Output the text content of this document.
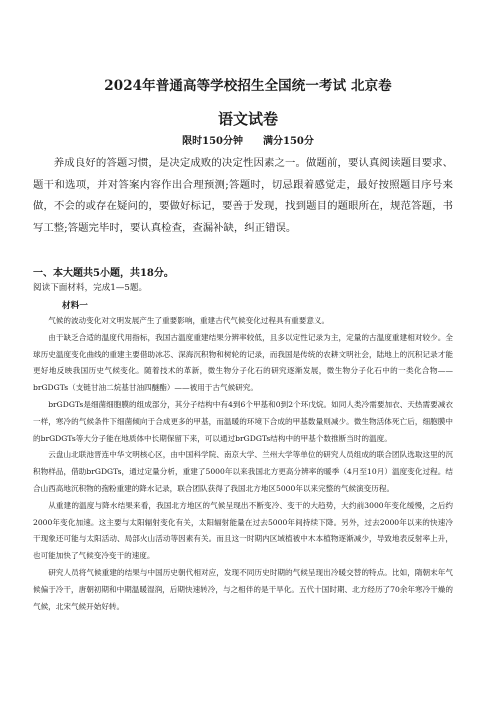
2024年普通高等学校招生全国统一考试 北京卷
语文试卷
限时150分钟　　满分150分
养成良好的答题习惯，是决定成败的决定性因素之一。做题前，要认真阅读题目要求、题干和选项，并对答案内容作出合理预测;答题时，切忌跟着感觉走，最好按照题目序号来做，不会的或存在疑问的，要做好标记，要善于发现，找到题目的题眼所在，规范答题，书写工整;答题完毕时，要认真检查，查漏补缺，纠正错误。
一、本大题共5小题，共18分。
阅读下面材料，完成1—5题。
材料一

气候的波动变化对文明发展产生了重要影响，重建古代气候变化过程具有重要意义。

由于缺乏合适的温度代用指标，我国古温度重建结果分辨率较低，且多以定性记录为主，定量的古温度重建相对较少。全球历史温度变化曲线的重建主要借助冰芯、深海沉积物和树轮的记录，而我国是传统的农耕文明社会，陆地上的沉积记录才能更好地反映我国历史气候变化。随着技术的革新，微生物分子化石的研究逐渐发展，微生物分子化石中的一类化合物——brGDGTs（支链甘油二烷基甘油四醚酯）——被用于古气候研究。

brGDGTs是细菌细胞膜的组成部分，其分子结构中有4到6个甲基和0到2个环戊烷。如同人类冷需要加衣、天热需要减衣一样，寒冷的气候条件下细菌倾向于合成更多的甲基，而温暖的环境下合成的甲基数量则减少。微生物活体死亡后，细胞膜中的brGDGTs等大分子能在地质体中长期保留下来，可以通过brGDGTs结构中的甲基个数推断当时的温度。

云盘山北联池晋连中华文明核心区，由中国科学院、南京大学、兰州大学等单位的研究人员组成的联合团队选取这里的沉积物样品，借助brGDGTs，通过定量分析，重建了5000年以来我国北方更高分辨率的暖季（4月至10月）温度变化过程。结合山西高地沉积物的孢粉重建的降水记录，联合团队获得了我国北方地区5000年以来完整的气候演变历程。

从重建的温度与降水结果来看，我国北方地区的气候呈现出不断变冷、变干的大趋势，大约前3000年变化缓慢，之后约2000年变化加速。这主要与太阳辐射变化有关，太阳辐射能量在过去5000年间持续下降。另外，过去2000年以来的快速冷干现象还可能与太阳活动、局部火山活动等因素有关。而且这一时期内区域植被中木本植物逐渐减少，导致地表反射率上升，也可能加快了气候变冷变干的速度。

研究人员将气候重建的结果与中国历史朝代相对应，发现不同历史时期的气候呈现出冷暖交替的特点。比如，隋朝末年气候偏于冷干，唐朝初期和中期温暖湿润，后期快速转冷，与之相伴的是干旱化。五代十国时期、北方经历了70余年寒冷干燥的气候，北宋气候开始好转。
